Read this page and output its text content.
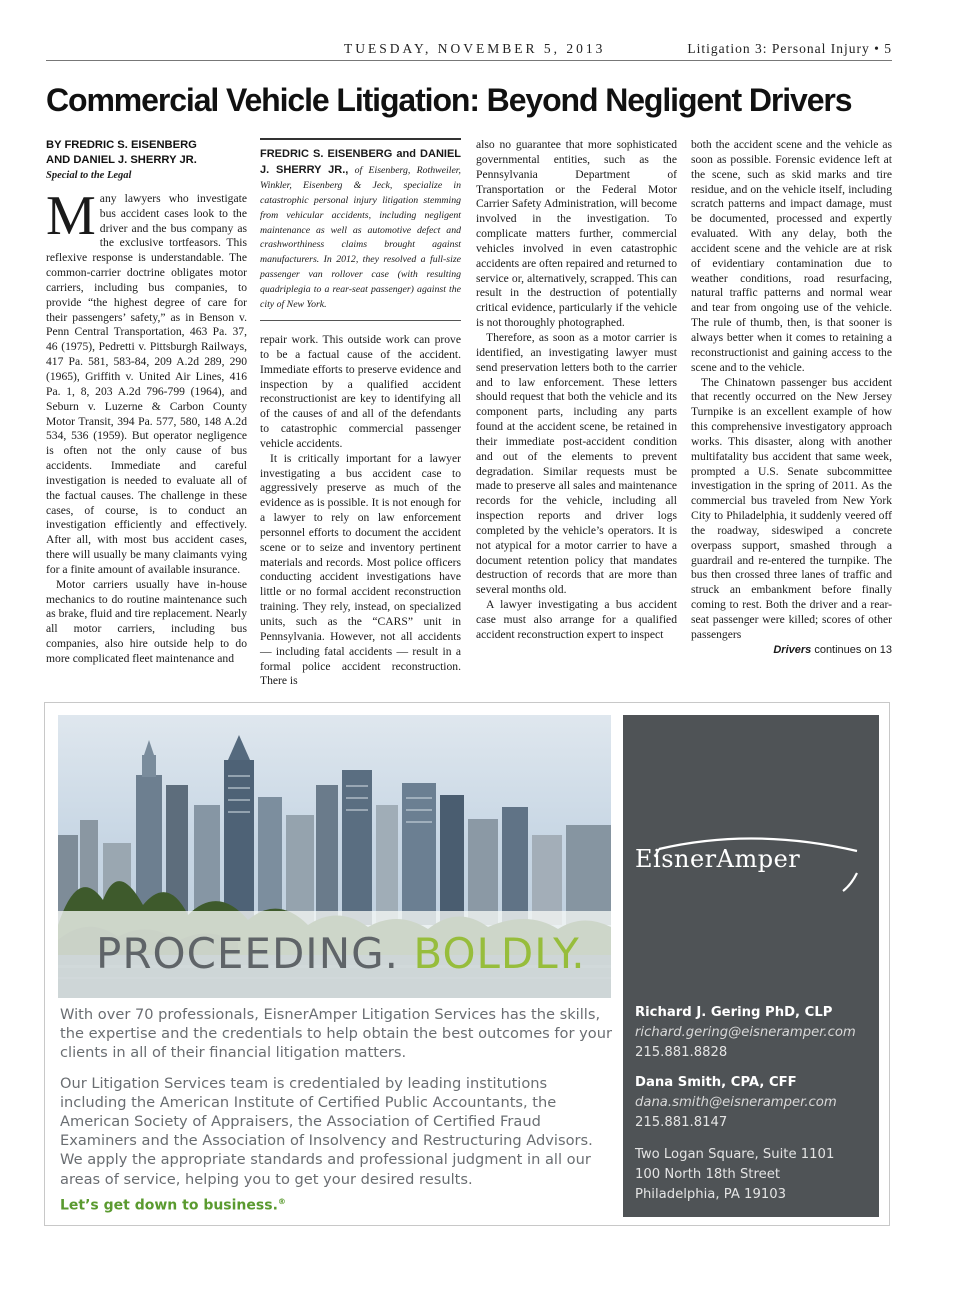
TUESDAY, NOVEMBER 5, 2013	Litigation 3: Personal Injury • 5
Commercial Vehicle Litigation: Beyond Negligent Drivers
BY FREDRIC S. EISENBERG
AND DANIEL J. SHERRY JR.
Special to the Legal

Many lawyers who investigate bus accident cases look to the driver and the bus company as the exclusive tortfeasors. This reflexive response is understandable. The common-carrier doctrine obligates motor carriers, including bus companies, to provide “the highest degree of care for their passengers’ safety,” as in Benson v. Penn Central Transportation, 463 Pa. 37, 46 (1975), Pedretti v. Pittsburgh Railways, 417 Pa. 581, 583-84, 209 A.2d 289, 290 (1965), Griffith v. United Air Lines, 416 Pa. 1, 8, 203 A.2d 796-799 (1964), and Seburn v. Luzerne & Carbon County Motor Transit, 394 Pa. 577, 580, 148 A.2d 534, 536 (1959). But operator negligence is often not the only cause of bus accidents. Immediate and careful investigation is needed to evaluate all of the factual causes. The challenge in these cases, of course, is to conduct an investigation efficiently and effectively. After all, with most bus accident cases, there will usually be many claimants vying for a finite amount of available insurance.

Motor carriers usually have in-house mechanics to do routine maintenance such as brake, fluid and tire replacement. Nearly all motor carriers, including bus companies, also hire outside help to do more complicated fleet maintenance and

FREDRIC S. EISENBERG and DANIEL J. SHERRY JR., of Eisenberg, Rothweiler, Winkler, Eisenberg & Jeck, specialize in catastrophic personal injury litigation stemming from vehicular accidents, including negligent maintenance as well as automotive defect and crashworthiness claims brought against manufacturers. In 2012, they resolved a full-size passenger van rollover case (with resulting quadriplegia to a rear-seat passenger) against the city of New York.

repair work. This outside work can prove to be a factual cause of the accident. Immediate efforts to preserve evidence and inspection by a qualified accident reconstructionist are key to identifying all of the causes of and all of the defendants to catastrophic commercial passenger vehicle accidents.

It is critically important for a lawyer investigating a bus accident case to aggressively preserve as much of the evidence as is possible. It is not enough for a lawyer to rely on law enforcement personnel efforts to document the accident scene or to seize and inventory pertinent materials and records. Most police officers conducting accident investigations have little or no formal accident reconstruction training. They rely, instead, on specialized units, such as the “CARS” unit in Pennsylvania. However, not all accidents — including fatal accidents — result in a formal police accident reconstruction. There is

also no guarantee that more sophisticated governmental entities, such as the Pennsylvania Department of Transportation or the Federal Motor Carrier Safety Administration, will become involved in the investigation. To complicate matters further, commercial vehicles involved in even catastrophic accidents are often repaired and returned to service or, alternatively, scrapped. This can result in the destruction of potentially critical evidence, particularly if the vehicle is not thoroughly photographed.

Therefore, as soon as a motor carrier is identified, an investigating lawyer must send preservation letters both to the carrier and to law enforcement. These letters should request that both the vehicle and its component parts, including any parts found at the accident scene, be retained in their immediate post-accident condition and out of the elements to prevent degradation. Similar requests must be made to preserve all sales and maintenance records for the vehicle, including all inspection reports and driver logs completed by the vehicle’s operators. It is not atypical for a motor carrier to have a document retention policy that mandates destruction of records that are more than several months old.

A lawyer investigating a bus accident case must also arrange for a qualified accident reconstruction expert to inspect

both the accident scene and the vehicle as soon as possible. Forensic evidence left at the scene, such as skid marks and tire residue, and on the vehicle itself, including scratch patterns and impact damage, must be documented, processed and expertly evaluated. With any delay, both the accident scene and the vehicle are at risk of evidentiary contamination due to weather conditions, road resurfacing, natural traffic patterns and normal wear and tear from ongoing use of the vehicle. The rule of thumb, then, is that sooner is always better when it comes to retaining a reconstructionist and gaining access to the scene and to the vehicle.

The Chinatown passenger bus accident that recently occurred on the New Jersey Turnpike is an excellent example of how this comprehensive investigatory approach works. This disaster, along with another multifatality bus accident that same week, prompted a U.S. Senate subcommittee investigation in the spring of 2011. As the commercial bus traveled from New York City to Philadelphia, it suddenly veered off the roadway, sideswiped a concrete overpass support, smashed through a guardrail and re-entered the turnpike. The bus then crossed three lanes of traffic and struck an embankment before finally coming to rest. Both the driver and a rear-seat passenger were killed; scores of other passengers

Drivers continues on 13
PROCEEDING. BOLDLY.

With over 70 professionals, EisnerAmper Litigation Services has the skills, the expertise and the credentials to help obtain the best outcomes for your clients in all of their financial litigation matters.

Our Litigation Services team is credentialed by leading institutions including the American Institute of Certified Public Accountants, the American Society of Appraisers, the Association of Certified Fraud Examiners and the Association of Insolvency and Restructuring Advisors. We apply the appropriate standards and professional judgment in all our areas of service, helping you to get your desired results.

Let’s get down to business.®
EisnerAmper
Richard J. Gering PhD, CLP
richard.gering@eisneramper.com
215.881.8828
Dana Smith, CPA, CFF
dana.smith@eisneramper.com
215.881.8147
Two Logan Square, Suite 1101
100 North 18th Street
Philadelphia, PA 19103
